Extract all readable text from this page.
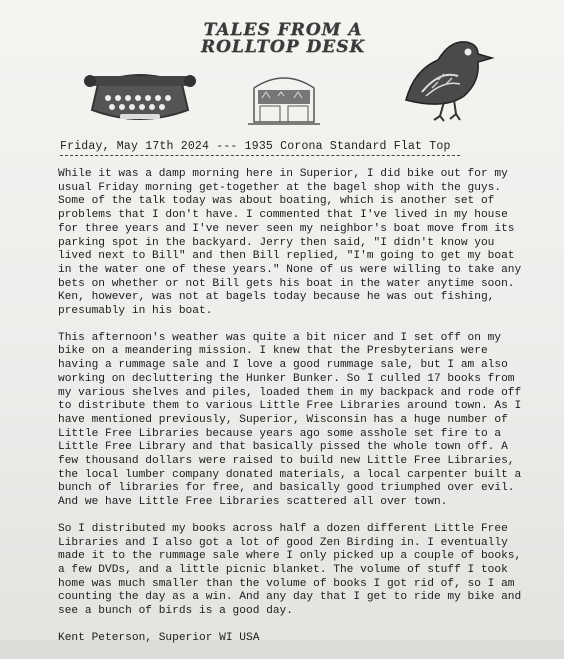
TALES FROM A
ROLLTOP DESK
Friday, May 17th 2024 --- 1935 Corona Standard Flat Top

While it was a damp morning here in Superior, I did bike out for my usual Friday morning get-together at the bagel shop with the guys. Some of the talk today was about boating, which is another set of problems that I don't have. I commented that I've lived in my house for three years and I've never seen my neighbor's boat move from its parking spot in the backyard. Jerry then said, "I didn't know you lived next to Bill" and then Bill replied, "I'm going to get my boat in the water one of these years." None of us were willing to take any bets on whether or not Bill gets his boat in the water anytime soon. Ken, however, was not at bagels today because he was out fishing, presumably in his boat.

This afternoon's weather was quite a bit nicer and I set off on my bike on a meandering mission. I knew that the Presbyterians were having a rummage sale and I love a good rummage sale, but I am also working on decluttering the Hunker Bunker. So I culled 17 books from my various shelves and piles, loaded them in my backpack and rode off to distribute them to various Little Free Libraries around town. As I have mentioned previously, Superior, Wisconsin has a huge number of Little Free Libraries because years ago some asshole set fire to a Little Free Library and that basically pissed the whole town off. A few thousand dollars were raised to build new Little Free Libraries, the local lumber company donated materials, a local carpenter built a bunch of libraries for free, and basically good triumphed over evil. And we have Little Free Libraries scattered all over town.

So I distributed my books across half a dozen different Little Free Libraries and I also got a lot of good Zen Birding in. I eventually made it to the rummage sale where I only picked up a couple of books, a few DVDs, and a little picnic blanket. The volume of stuff I took home was much smaller than the volume of books I got rid of, so I am counting the day as a win. And any day that I get to ride my bike and see a bunch of birds is a good day.

Kent Peterson, Superior WI USA
